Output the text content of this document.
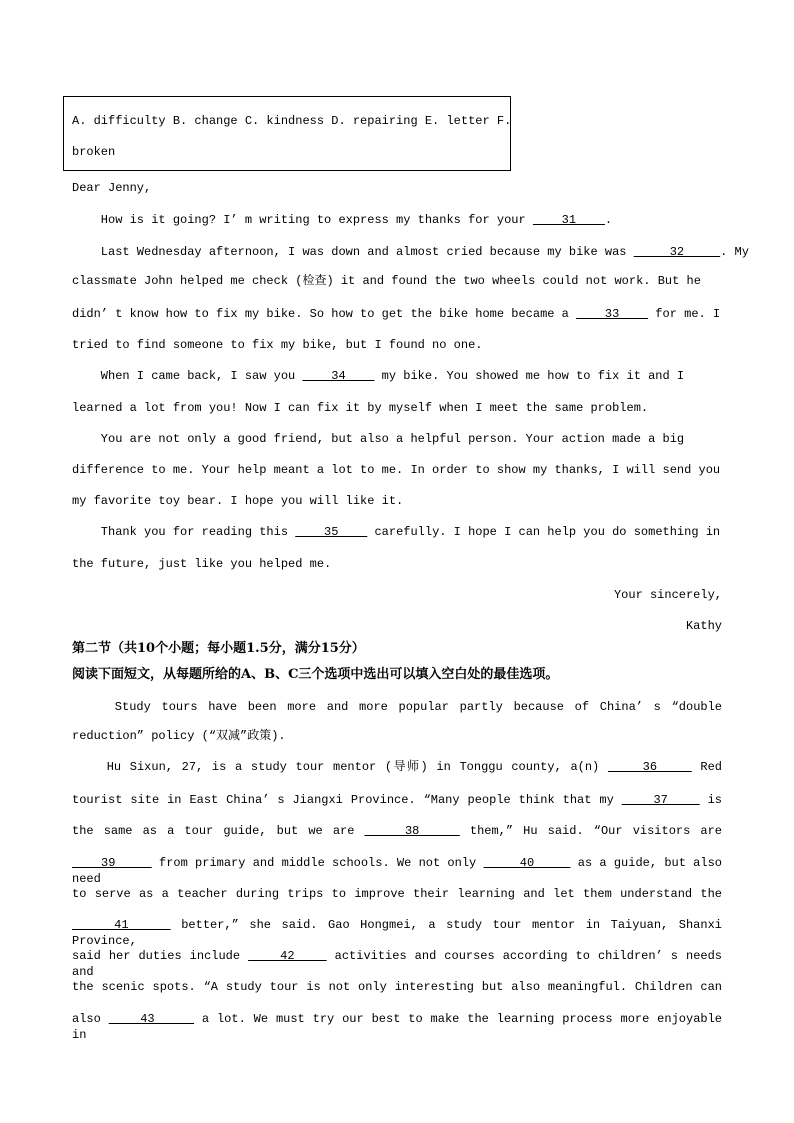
A. difficulty B. change C. kindness D. repairing E. letter F.
broken
第二节（共10个小题；每小题1.5分，满分15分）
阅读下面短文，从每题所给的A、B、C三个选项中选出可以填入空白处的最佳选项。
Dear Jenny,
How is it going? I’ m writing to express my thanks for your     31    .
Last Wednesday afternoon, I was down and almost cried because my bike was      32     . My
classmate John helped me check (检查) it and found the two wheels could not work. But he
didn’ t know how to fix my bike. So how to get the bike home became a     33     for me. I
tried to find someone to fix my bike, but I found no one.
When I came back, I saw you     34     my bike. You showed me how to fix it and I
learned a lot from you! Now I can fix it by myself when I meet the same problem.
You are not only a good friend, but also a helpful person. Your action made a big
difference to me. Your help meant a lot to me. In order to show my thanks, I will send you
my favorite toy bear. I hope you will like it.
Thank you for reading this     35     carefully. I hope I can help you do something in
the future, just like you helped me.
Your sincerely,
Kathy
Study tours have been more and more popular partly because of China’ s “double
reduction” policy (“双减”政策).
Hu Sixun, 27, is a study tour mentor (导师) in Tonggu county, a(n)     36     Red
tourist site in East China’ s Jiangxi Province. “Many people think that my     37     is
the same as a tour guide, but we are     38     them,” Hu said. “Our visitors are
39      from primary and middle schools. We not only      40      as a guide, but also need
to serve as a teacher during trips to improve their learning and let them understand the
41     better,” she said. Gao Hongmei, a study tour mentor in Taiyuan, Shanxi Province,
said her duties include     42     activities and courses according to children’ s needs and
the scenic spots. “A study tour is not only interesting but also meaningful. Children can
also     43      a lot. We must try our best to make the learning process more enjoyable in
